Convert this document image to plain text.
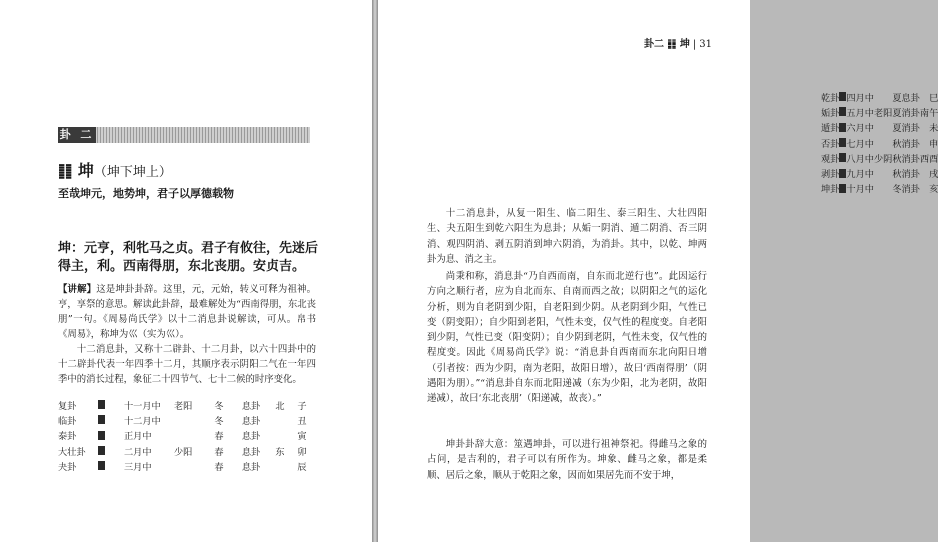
卦 二
䷁ 坤（坤下坤上）
至哉坤元，地势坤，君子以厚德载物
坤：元亨，利牝马之贞。君子有攸往，先迷后得主，利。西南得朋，东北丧朋。安贞吉。

【讲解】这是坤卦卦辞。这里，元，元始，转义可释为祖神。亨，享祭的意思。解读此卦辞，最难解处为“西南得朋，东北丧朋”一句。《周易尚氏学》以十二消息卦说解读，可从。帛书《周易》，称坤为巛（实为巛）。

十二消息卦，又称十二辟卦、十二月卦，以六十四卦中的十二辟卦代表一年四季十二月，其顺序表示阴阳二气在一年四季中的消长过程，象征二十四节气、七十二候的时序变化。

复卦		十一月中	老阳	冬	息卦	北	子
临卦		十二月中		冬	息卦		丑
泰卦		正月中		春	息卦		寅
大壮卦		二月中	少阳	春	息卦	东	卯
夬卦		三月中		春	息卦		辰
卦二 ䷁ 坤 | 31
乾卦		四月中		夏	息卦		巳
姤卦		五月中	老阳	夏	消卦	南	午
遁卦		六月中		夏	消卦		未
否卦		七月中		秋	消卦		申
观卦		八月中	少阴	秋	消卦	西	酉
剥卦		九月中		秋	消卦		戌
坤卦		十月中		冬	消卦		亥

十二消息卦，从复一阳生、临二阳生、泰三阳生、大壮四阳生、夬五阳生到乾六阳生为息卦；从姤一阴消、遁二阴消、否三阴消、观四阴消、剥五阴消到坤六阴消，为消卦。其中，以乾、坤两卦为息、消之主。

尚秉和称，消息卦“乃自西而南，自东而北逆行也”。此因运行方向之顺行者，应为自北而东、自南而西之故；以阴阳之气的运化分析，则为自老阴到少阳，自老阳到少阴。从老阴到少阳，气性已变（阴变阳）；自少阳到老阳，气性未变，仅气性的程度变。自老阳到少阴，气性已变（阳变阴）；自少阴到老阴，气性未变，仅气性的程度变。因此《周易尚氏学》说：“消息卦自西南而东北向阳日增（引者按：西为少阴，南为老阳，故阳日增），故曰‘西南得朋’（阴遇阳为朋）。”“消息卦自东而北阳递减（东为少阳，北为老阴，故阳递减），故曰‘东北丧朋’（阳递减，故丧）。”

坤卦卦辞大意：筮遇坤卦，可以进行祖神祭祀。得雌马之象的占问，是吉利的，君子可以有所作为。坤象、雌马之象，都是柔顺、居后之象，顺从于乾阳之象，因而如果居先而不安于坤，
